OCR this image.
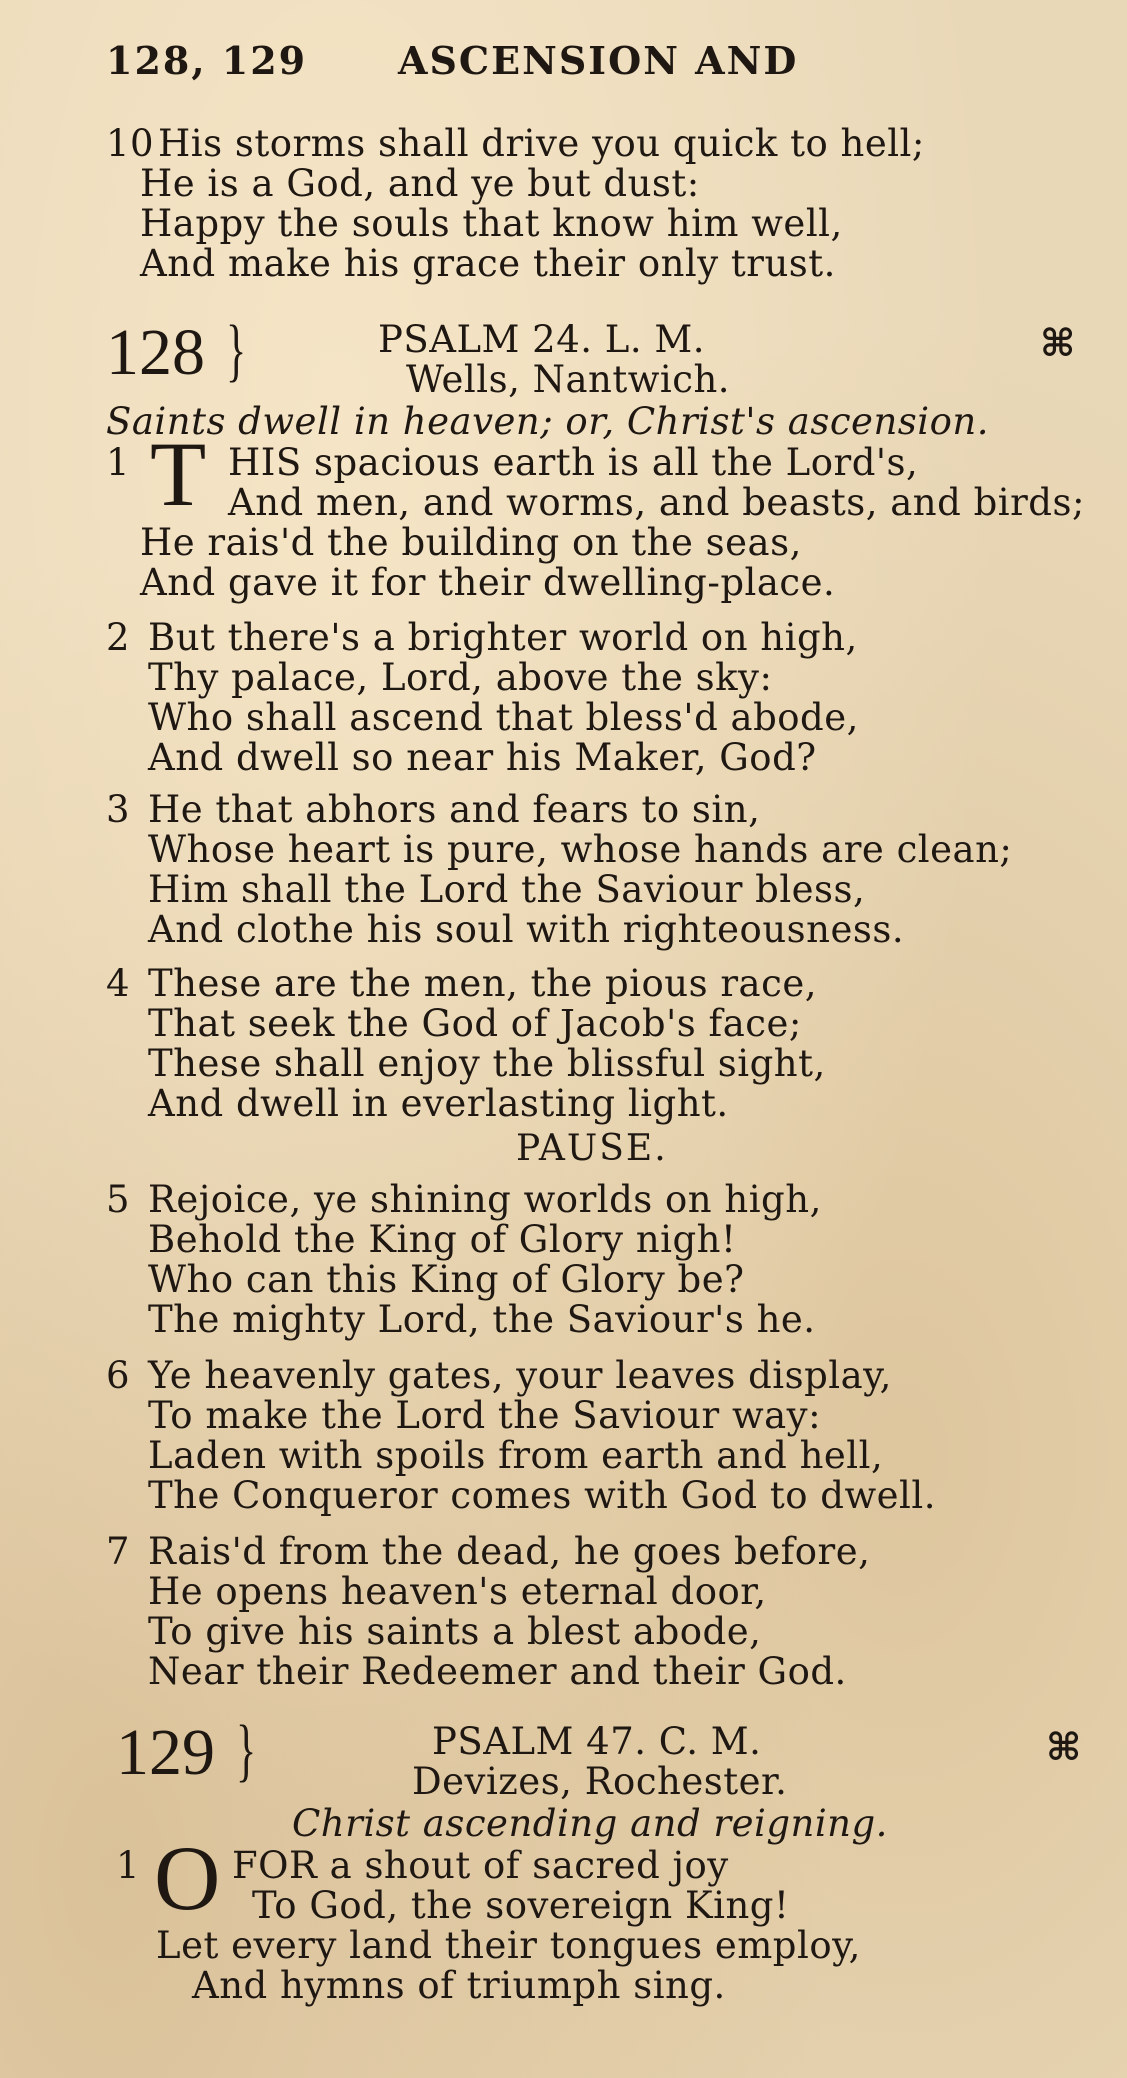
128, 129 ASCENSION AND
10 His storms shall drive you quick to hell;
He is a God, and ye but dust:
Happy the souls that know him well,
And make his grace their only trust.
128 }	PSALM 24. L. M.
Wells, Nantwich.
⌘
Saints dwell in heaven; or, Christ's ascension.
1 T HIS spacious earth is all the Lord's,
And men, and worms, and beasts, and birds;
He rais'd the building on the seas,
And gave it for their dwelling-place.
2 But there's a brighter world on high,
Thy palace, Lord, above the sky:
Who shall ascend that bless'd abode,
And dwell so near his Maker, God?
3 He that abhors and fears to sin,
Whose heart is pure, whose hands are clean;
Him shall the Lord the Saviour bless,
And clothe his soul with righteousness.
4 These are the men, the pious race,
That seek the God of Jacob's face;
These shall enjoy the blissful sight,
And dwell in everlasting light.
PAUSE.
5 Rejoice, ye shining worlds on high,
Behold the King of Glory nigh!
Who can this King of Glory be?
The mighty Lord, the Saviour's he.
6 Ye heavenly gates, your leaves display,
To make the Lord the Saviour way:
Laden with spoils from earth and hell,
The Conqueror comes with God to dwell.
7 Rais'd from the dead, he goes before,
He opens heaven's eternal door,
To give his saints a blest abode,
Near their Redeemer and their God.
129 }	PSALM 47. C. M.
Devizes, Rochester.
⌘
Christ ascending and reigning.
1 O FOR a shout of sacred joy
To God, the sovereign King!
Let every land their tongues employ,
And hymns of triumph sing.
